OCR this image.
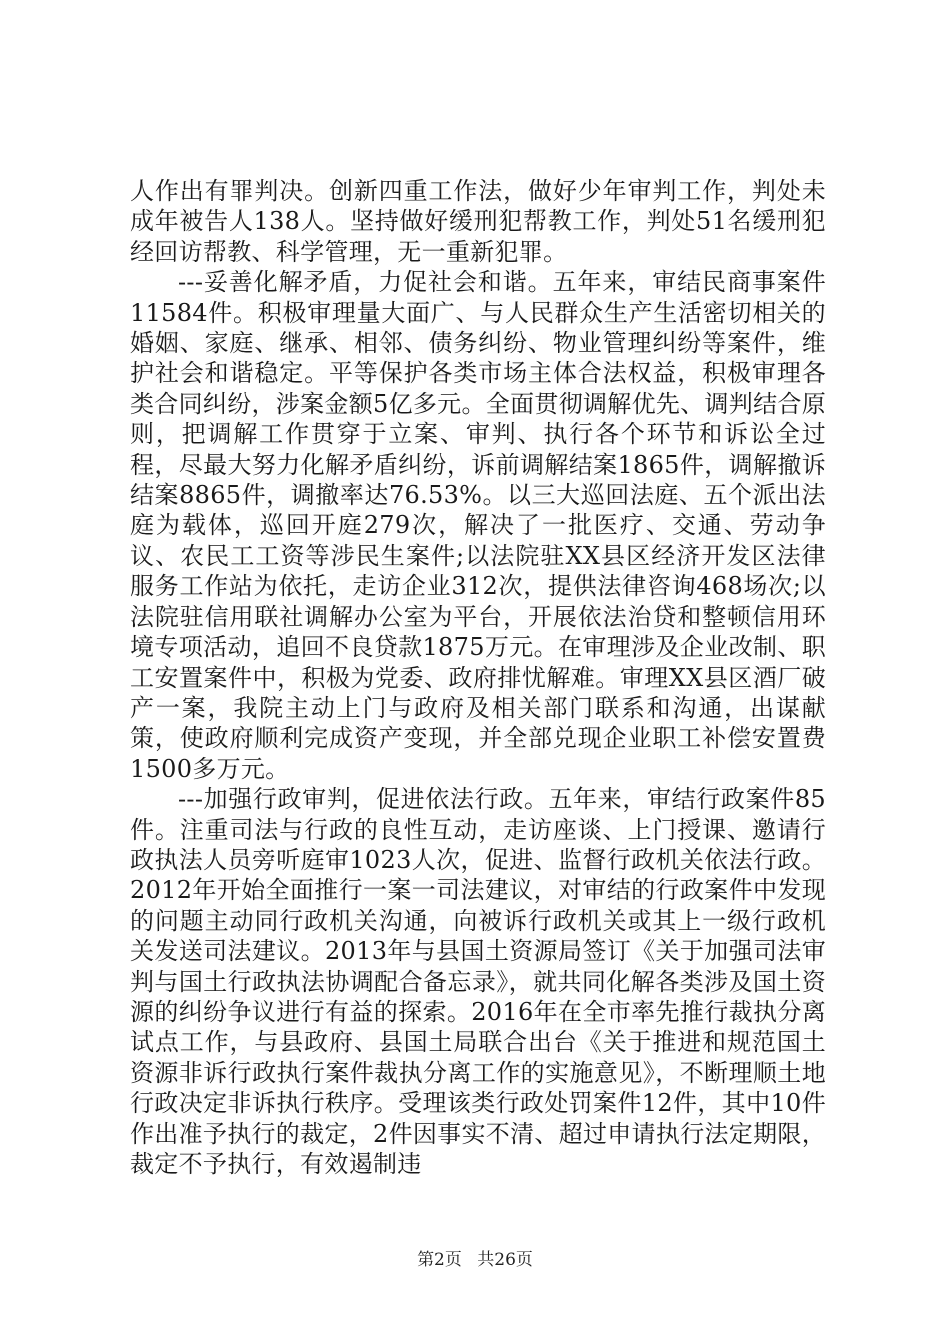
人作出有罪判决。创新四重工作法，做好少年审判工作，判处未成年被告人138人。坚持做好缓刑犯帮教工作，判处51名缓刑犯经回访帮教、科学管理，无一重新犯罪。

---妥善化解矛盾，力促社会和谐。五年来，审结民商事案件11584件。积极审理量大面广、与人民群众生产生活密切相关的婚姻、家庭、继承、相邻、债务纠纷、物业管理纠纷等案件，维护社会和谐稳定。平等保护各类市场主体合法权益，积极审理各类合同纠纷，涉案金额5亿多元。全面贯彻调解优先、调判结合原则，把调解工作贯穿于立案、审判、执行各个环节和诉讼全过程，尽最大努力化解矛盾纠纷，诉前调解结案1865件，调解撤诉结案8865件，调撤率达76.53%。以三大巡回法庭、五个派出法庭为载体，巡回开庭279次，解决了一批医疗、交通、劳动争议、农民工工资等涉民生案件;以法院驻XX县区经济开发区法律服务工作站为依托，走访企业312次，提供法律咨询468场次;以法院驻信用联社调解办公室为平台，开展依法治贷和整顿信用环境专项活动，追回不良贷款1875万元。在审理涉及企业改制、职工安置案件中，积极为党委、政府排忧解难。审理XX县区酒厂破产一案，我院主动上门与政府及相关部门联系和沟通，出谋献策，使政府顺利完成资产变现，并全部兑现企业职工补偿安置费1500多万元。

---加强行政审判，促进依法行政。五年来，审结行政案件85件。注重司法与行政的良性互动，走访座谈、上门授课、邀请行政执法人员旁听庭审1023人次，促进、监督行政机关依法行政。2012年开始全面推行一案一司法建议，对审结的行政案件中发现的问题主动同行政机关沟通，向被诉行政机关或其上一级行政机关发送司法建议。2013年与县国土资源局签订《关于加强司法审判与国土行政执法协调配合备忘录》，就共同化解各类涉及国土资源的纠纷争议进行有益的探索。2016年在全市率先推行裁执分离试点工作，与县政府、县国土局联合出台《关于推进和规范国土资源非诉行政执行案件裁执分离工作的实施意见》，不断理顺土地行政决定非诉执行秩序。受理该类行政处罚案件12件，其中10件作出准予执行的裁定，2件因事实不清、超过申请执行法定期限，裁定不予执行，有效遏制违

第2页 共26页
